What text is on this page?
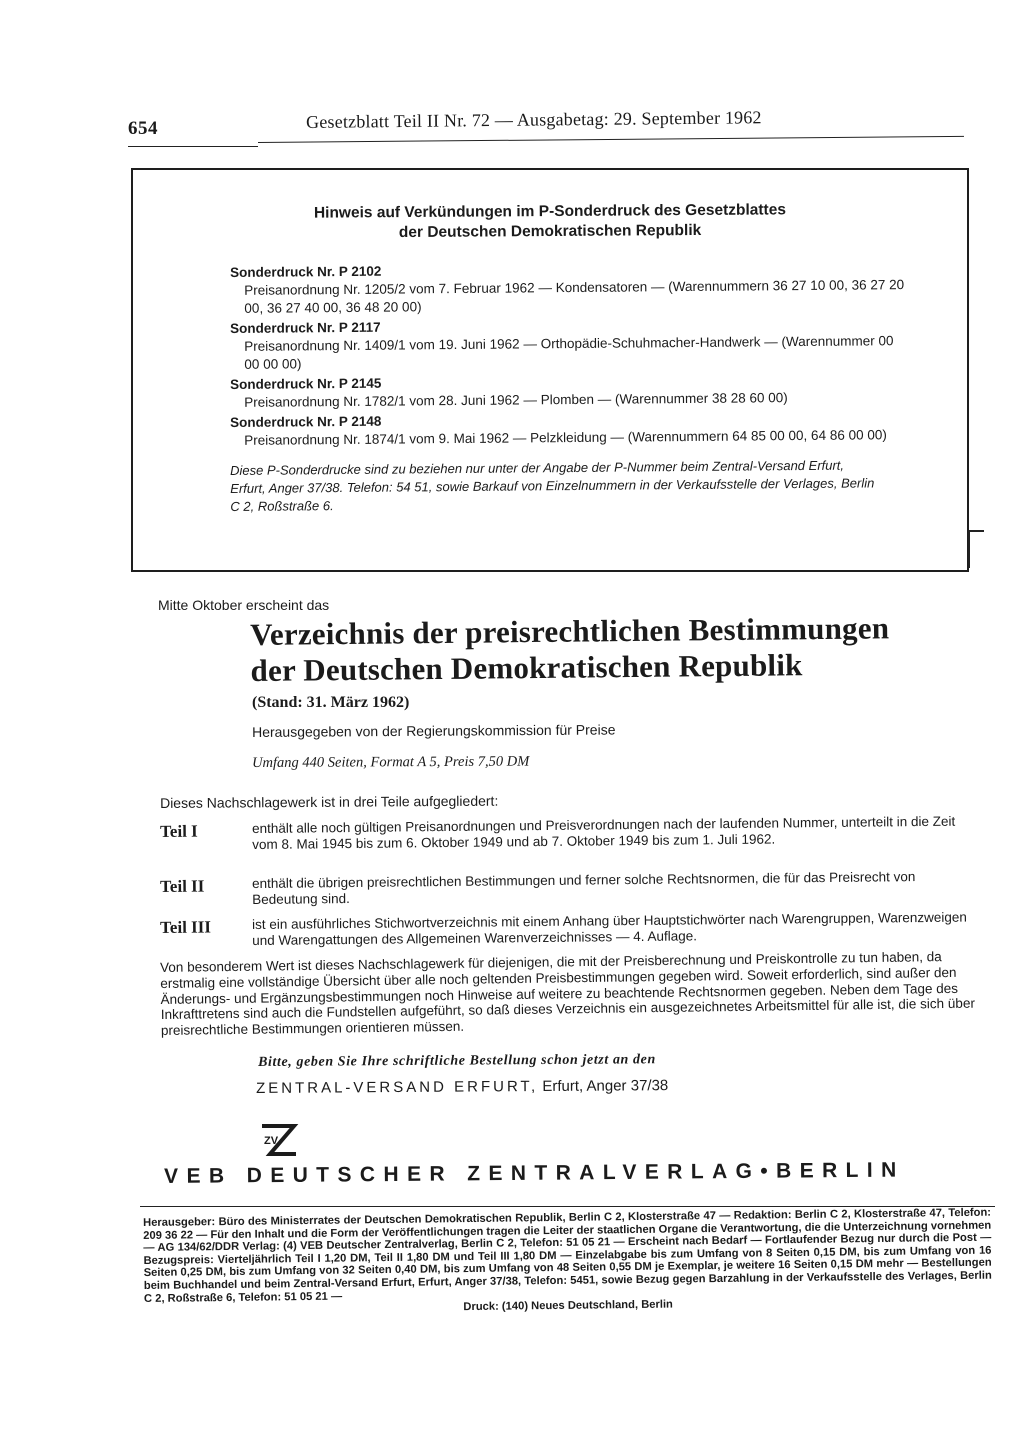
654	Gesetzblatt Teil II Nr. 72 — Ausgabetag: 29. September 1962
Hinweis auf Verkündungen im P-Sonderdruck des Gesetzblattes
der Deutschen Demokratischen Republik
Sonderdruck Nr. P 2102
Preisanordnung Nr. 1205/2 vom 7. Februar 1962 — Kondensatoren — (Warennummern 36 27 10 00, 36 27 20 00, 36 27 40 00, 36 48 20 00)
Sonderdruck Nr. P 2117
Preisanordnung Nr. 1409/1 vom 19. Juni 1962 — Orthopädie-Schuhmacher-Handwerk — (Warennummer 00 00 00 00)
Sonderdruck Nr. P 2145
Preisanordnung Nr. 1782/1 vom 28. Juni 1962 — Plomben — (Warennummer 38 28 60 00)
Sonderdruck Nr. P 2148
Preisanordnung Nr. 1874/1 vom 9. Mai 1962 — Pelzkleidung — (Warennummern 64 85 00 00, 64 86 00 00)
Diese P-Sonderdrucke sind zu beziehen nur unter der Angabe der P-Nummer beim Zentral-Versand Erfurt, Erfurt, Anger 37/38. Telefon: 54 51, sowie Barkauf von Einzelnummern in der Verkaufsstelle der Verlages, Berlin C 2, Roßstraße 6.
Mitte Oktober erscheint das
Verzeichnis der preisrechtlichen Bestimmungen
der Deutschen Demokratischen Republik
(Stand: 31. März 1962)
Herausgegeben von der Regierungskommission für Preise
Umfang 440 Seiten, Format A 5, Preis 7,50 DM
Dieses Nachschlagewerk ist in drei Teile aufgegliedert:
Teil I	enthält alle noch gültigen Preisanordnungen und Preisverordnungen nach der laufenden Nummer, unterteilt in die Zeit vom 8. Mai 1945 bis zum 6. Oktober 1949 und ab 7. Oktober 1949 bis zum 1. Juli 1962.
Teil II	enthält die übrigen preisrechtlichen Bestimmungen und ferner solche Rechtsnormen, die für das Preisrecht von Bedeutung sind.
Teil III	ist ein ausführliches Stichwortverzeichnis mit einem Anhang über Hauptstichwörter nach Warengruppen, Warenzweigen und Warengattungen des Allgemeinen Warenverzeichnisses — 4. Auflage.
Von besonderem Wert ist dieses Nachschlagewerk für diejenigen, die mit der Preisberechnung und Preiskontrolle zu tun haben, da erstmalig eine vollständige Übersicht über alle noch geltenden Preisbestimmungen gegeben wird. Soweit erforderlich, sind außer den Änderungs- und Ergänzungsbestimmungen noch Hinweise auf weitere zu beachtende Rechtsnormen gegeben. Neben dem Tage des Inkrafttretens sind auch die Fundstellen aufgeführt, so daß dieses Verzeichnis ein ausgezeichnetes Arbeitsmittel für alle ist, die sich über preisrechtliche Bestimmungen orientieren müssen.
Bitte, geben Sie Ihre schriftliche Bestellung schon jetzt an den
ZENTRAL-VERSAND ERFURT, Erfurt, Anger 37/38
ZV
VEB DEUTSCHER ZENTRALVERLAG•BERLIN
Herausgeber: Büro des Ministerrates der Deutschen Demokratischen Republik, Berlin C 2, Klosterstraße 47 — Redaktion: Berlin C 2, Klosterstraße 47, Telefon: 209 36 22 — Für den Inhalt und die Form der Veröffentlichungen tragen die Leiter der staatlichen Organe die Verantwortung, die die Unterzeichnung vornehmen — AG 134/62/DDR Verlag: (4) VEB Deutscher Zentralverlag, Berlin C 2, Telefon: 51 05 21 — Erscheint nach Bedarf — Fortlaufender Bezug nur durch die Post — Bezugspreis: Vierteljährlich Teil I 1,20 DM, Teil II 1,80 DM und Teil III 1,80 DM — Einzelabgabe bis zum Umfang von 8 Seiten 0,15 DM, bis zum Umfang von 16 Seiten 0,25 DM, bis zum Umfang von 32 Seiten 0,40 DM, bis zum Umfang von 48 Seiten 0,55 DM je Exemplar, je weitere 16 Seiten 0,15 DM mehr — Bestellungen beim Buchhandel und beim Zentral-Versand Erfurt, Erfurt, Anger 37/38, Telefon: 5451, sowie Bezug gegen Barzahlung in der Verkaufsstelle des Verlages, Berlin C 2, Roßstraße 6, Telefon: 51 05 21 —
Druck: (140) Neues Deutschland, Berlin
